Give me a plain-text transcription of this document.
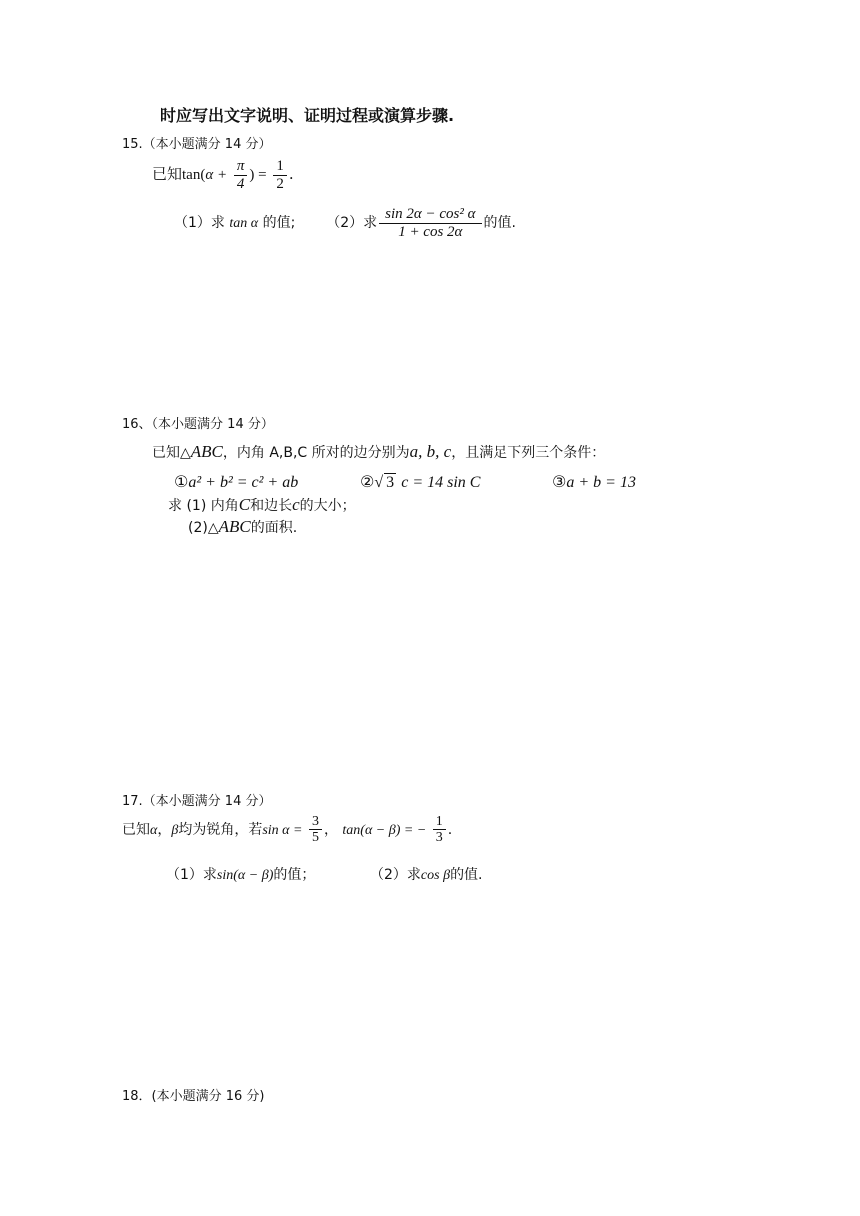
时应写出文字说明、证明过程或演算步骤.
15.（本小题满分 14 分）
已知$\tan(\alpha + \frac{\pi}{4}$ ) = $\frac{1}{2}$ .
（1）求 tan α 的值; （2）求 $\frac{\text{sin 2α − cos² α}}{1 + \cos 2\alpha}$ 的值.
16、（本小题满分 14 分）
已知△ABC，内角 A,B,C 所对的边分别为a, b, c，且满足下列三个条件：
①a² + b² = c² + ab	②√ 3 c = 14 sin C	③a + b = 13
求 (1) 内角C和边长c的大小；
(2)△ABC的面积.
17.（本小题满分 14 分）
已知α，β均为锐角，若$\sin \alpha = \frac{3}{5}$ ， tan(α − β) = − $\frac{1}{3}$ .
（1）求sin(α − β)的值；	（2）求cos β的值.
18．(本小题满分 16 分)
